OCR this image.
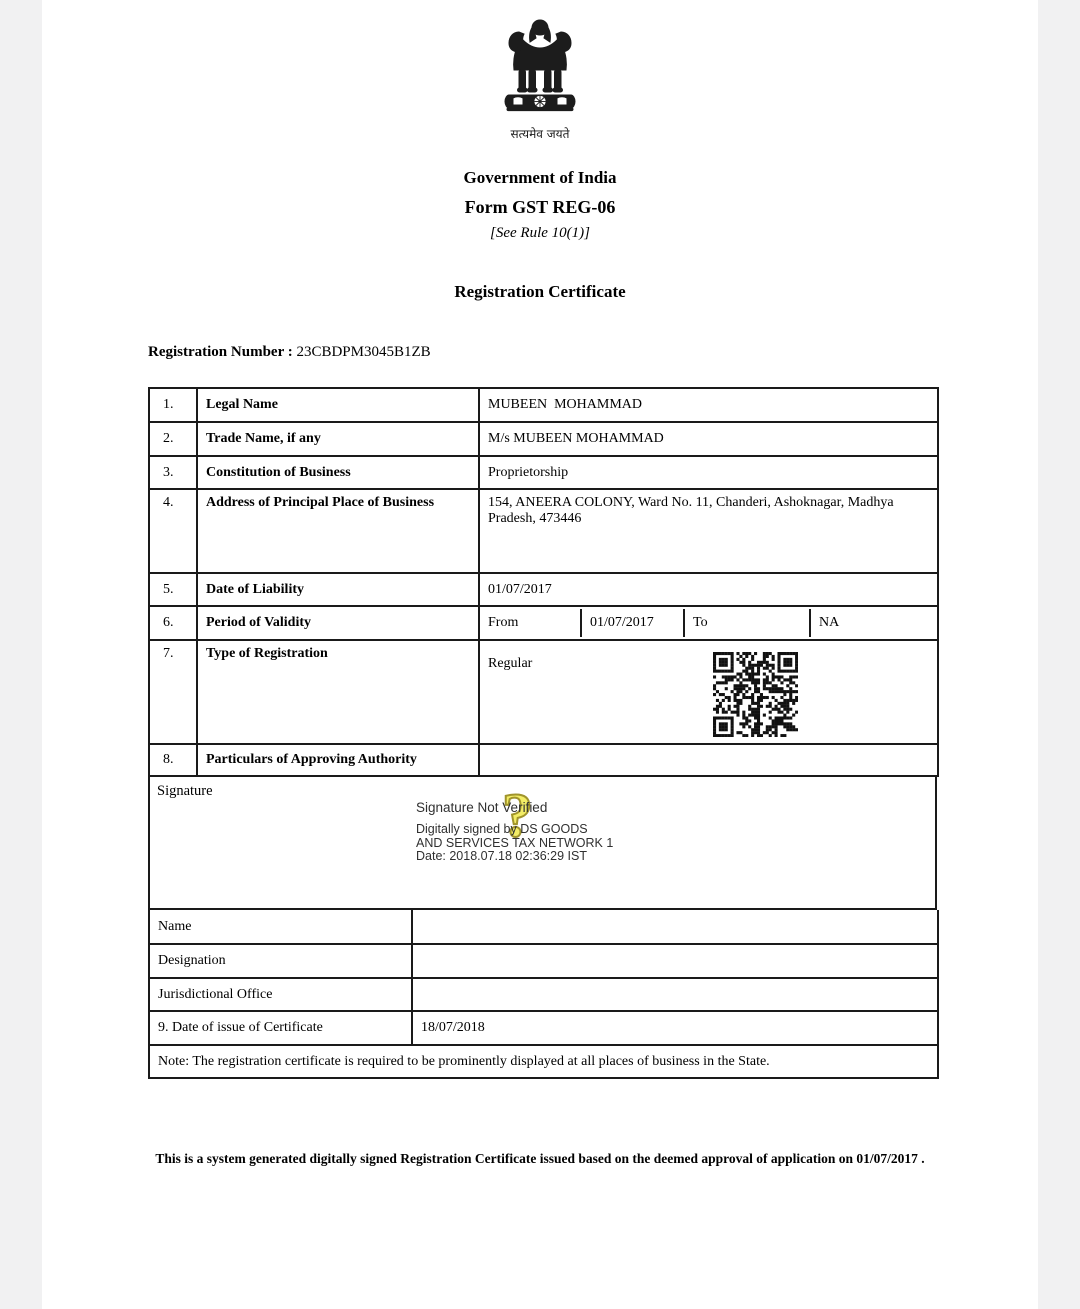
सत्यमेव जयते
Government of India
Form GST REG-06
[See Rule 10(1)]
Registration Certificate
Registration Number : 23CBDPM3045B1ZB
1.	Legal Name	MUBEEN  MOHAMMAD
2.	Trade Name, if any	M/s MUBEEN MOHAMMAD
3.	Constitution of Business	Proprietorship
4.	Address of Principal Place of Business	154, ANEERA COLONY, Ward No. 11, Chanderi, Ashoknagar, Madhya Pradesh, 473446
5.	Date of Liability	01/07/2017
6.	Period of Validity	From 01/07/2017 To NA

7.	Type of Registration	Regular

8.	Particulars of Approving Authority	
Signature	?
Signature Not Verified
Digitally signed by DS GOODS
AND SERVICES TAX NETWORK 1
Date: 2018.07.18 02:36:29 IST
Name	
Designation	
Jurisdictional Office	
9. Date of issue of Certificate	18/07/2018
Note: The registration certificate is required to be prominently displayed at all places of business in the State.	
This is a system generated digitally signed Registration Certificate issued based on the deemed approval of application on 01/07/2017 .
